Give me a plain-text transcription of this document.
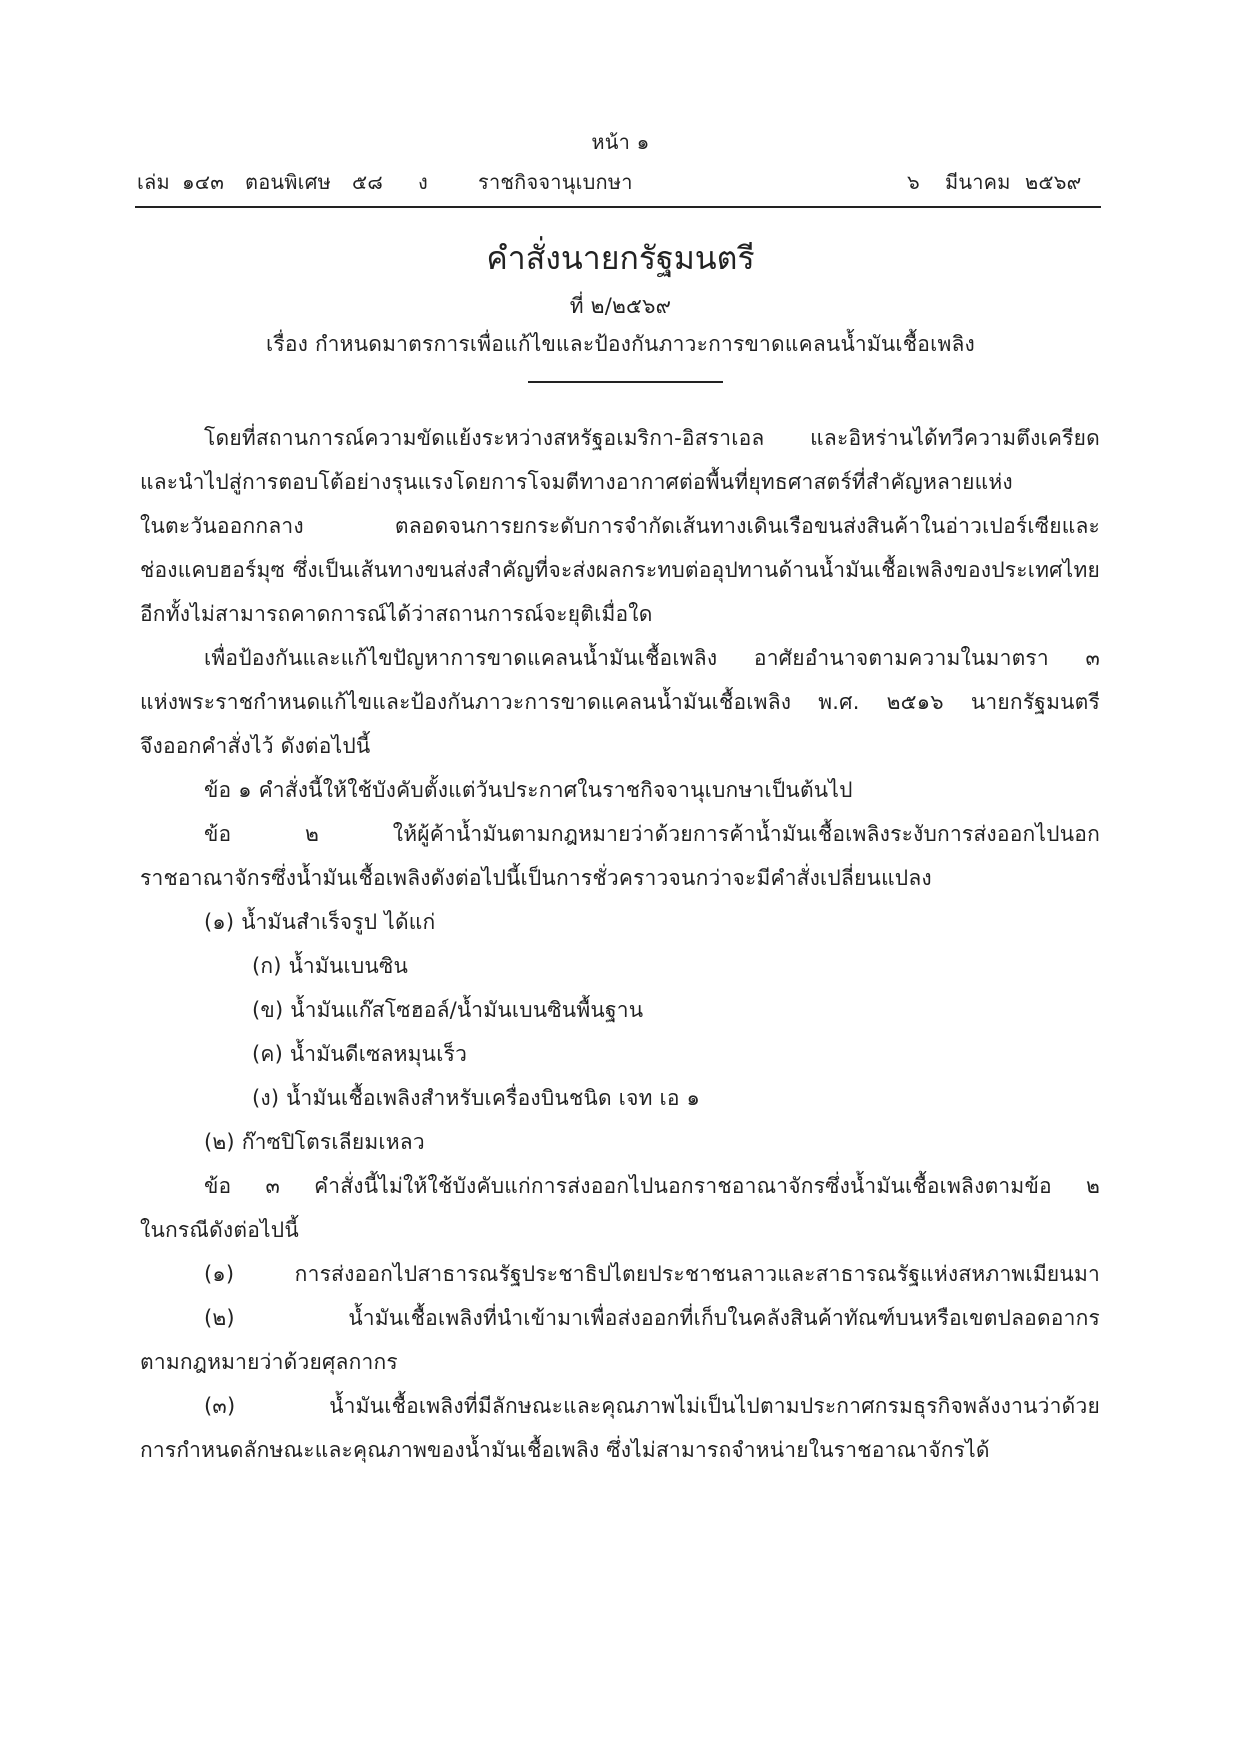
หน้า ๑
เล่ม ๑๔๓ ตอนพิเศษ ๕๘ ง	ราชกิจจานุเบกษา	๖ มีนาคม ๒๕๖๙
คำสั่งนายกรัฐมนตรี
ที่ ๒/๒๕๖๙
เรื่อง กำหนดมาตรการเพื่อแก้ไขและป้องกันภาวะการขาดแคลนน้ำมันเชื้อเพลิง
โดยที่สถานการณ์ความขัดแย้งระหว่างสหรัฐอเมริกา-อิสราเอล และอิหร่านได้ทวีความตึงเครียด
และนำไปสู่การตอบโต้อย่างรุนแรงโดยการโจมตีทางอากาศต่อพื้นที่ยุทธศาสตร์ที่สำคัญหลายแห่ง
ในตะวันออกกลาง ตลอดจนการยกระดับการจำกัดเส้นทางเดินเรือขนส่งสินค้าในอ่าวเปอร์เซียและ
ช่องแคบฮอร์มุซ ซึ่งเป็นเส้นทางขนส่งสำคัญที่จะส่งผลกระทบต่ออุปทานด้านน้ำมันเชื้อเพลิงของประเทศไทย
อีกทั้งไม่สามารถคาดการณ์ได้ว่าสถานการณ์จะยุติเมื่อใด
เพื่อป้องกันและแก้ไขปัญหาการขาดแคลนน้ำมันเชื้อเพลิง อาศัยอำนาจตามความในมาตรา ๓
แห่งพระราชกำหนดแก้ไขและป้องกันภาวะการขาดแคลนน้ำมันเชื้อเพลิง พ.ศ. ๒๕๑๖ นายกรัฐมนตรี
จึงออกคำสั่งไว้ ดังต่อไปนี้
ข้อ ๑ คำสั่งนี้ให้ใช้บังคับตั้งแต่วันประกาศในราชกิจจานุเบกษาเป็นต้นไป
ข้อ ๒ ให้ผู้ค้าน้ำมันตามกฎหมายว่าด้วยการค้าน้ำมันเชื้อเพลิงระงับการส่งออกไปนอก
ราชอาณาจักรซึ่งน้ำมันเชื้อเพลิงดังต่อไปนี้เป็นการชั่วคราวจนกว่าจะมีคำสั่งเปลี่ยนแปลง
(๑) น้ำมันสำเร็จรูป ได้แก่
(ก) น้ำมันเบนซิน
(ข) น้ำมันแก๊สโซฮอล์/น้ำมันเบนซินพื้นฐาน
(ค) น้ำมันดีเซลหมุนเร็ว
(ง) น้ำมันเชื้อเพลิงสำหรับเครื่องบินชนิด เจท เอ ๑
(๒) ก๊าซปิโตรเลียมเหลว
ข้อ ๓ คำสั่งนี้ไม่ให้ใช้บังคับแก่การส่งออกไปนอกราชอาณาจักรซึ่งน้ำมันเชื้อเพลิงตามข้อ ๒
ในกรณีดังต่อไปนี้
(๑) การส่งออกไปสาธารณรัฐประชาธิปไตยประชาชนลาวและสาธารณรัฐแห่งสหภาพเมียนมา
(๒) น้ำมันเชื้อเพลิงที่นำเข้ามาเพื่อส่งออกที่เก็บในคลังสินค้าทัณฑ์บนหรือเขตปลอดอากร
ตามกฎหมายว่าด้วยศุลกากร
(๓) น้ำมันเชื้อเพลิงที่มีลักษณะและคุณภาพไม่เป็นไปตามประกาศกรมธุรกิจพลังงานว่าด้วย
การกำหนดลักษณะและคุณภาพของน้ำมันเชื้อเพลิง ซึ่งไม่สามารถจำหน่ายในราชอาณาจักรได้
